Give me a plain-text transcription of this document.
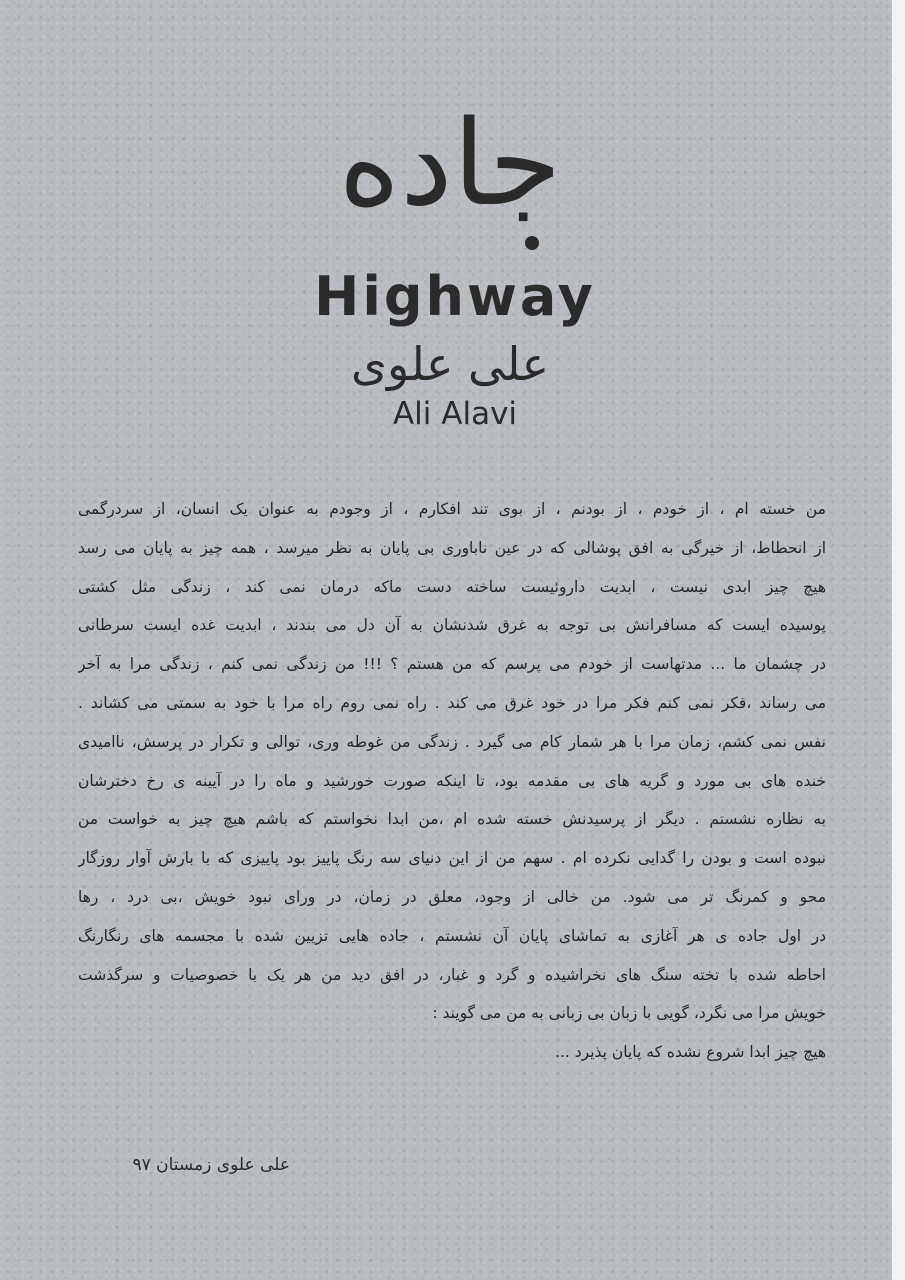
جاده
Highway
علی علوی
Ali Alavi
من خسته ام ، از خودم ، از بودنم ، از بوی تند افکارم ، از وجودم به عنوان یک انسان، از سردرگمی
از انحطاط، از خیرگی به افق پوشالی که در عین ناباوری بی پایان به نظر میرسد ، همه چیز به پایان می رسد
هیچ چیز ابدی نیست ، ابدیت داروئیست ساخته دست ماکه درمان نمی کند ، زندگی مثل کشتی
پوسیده ایست که مسافرانش بی توجه به غرق شدنشان به آن دل می بندند ، ابدیت غده ایست سرطانی
در چشمان ما ... مدتهاست از خودم می پرسم که من هستم ؟ !!! من زندگی نمی کنم ، زندگی مرا به آخر
می رساند ،فکر نمی کنم فکر مرا در خود غرق می کند . راه نمی روم راه مرا با خود به سمتی می کشاند .
نفس نمی کشم، زمان مرا با هر شمار کام می گیرد . زندگی من غوطه وری، توالی و تکرار در پرسش، ناامیدی
خنده های بی مورد و گریه های بی مقدمه بود، تا اینکه صورت خورشید و ماه را در آیینه ی رخ دخترشان
به نظاره نشستم . دیگر از پرسیدنش خسته شده ام ،من ابدا نخواستم که باشم هیچ چیز به خواست من
نبوده است و بودن را گدایی نکرده ام . سهم من از این دنیای سه رنگ پاییز بود پاییزی که با بارش آوار روزگار
محو و کمرنگ تر می شود. من خالی از وجود، معلق در زمان، در ورای نبود خویش ،بی درد ، رها
در اول جاده ی هر آغازی به تماشای پایان آن نشستم ، جاده هایی تزیین شده با مجسمه های رنگارنگ
احاطه شده با تخته سنگ های نخراشیده و گرد و غبار، در افق دید من هر یک با خصوصیات و سرگذشت
خویش مرا می نگرد، گویی با زبان بی زبانی به من می گویند :
هیچ چیز ابدا شروع نشده که پایان پذیرد ...
علی علوی زمستان ۹۷
